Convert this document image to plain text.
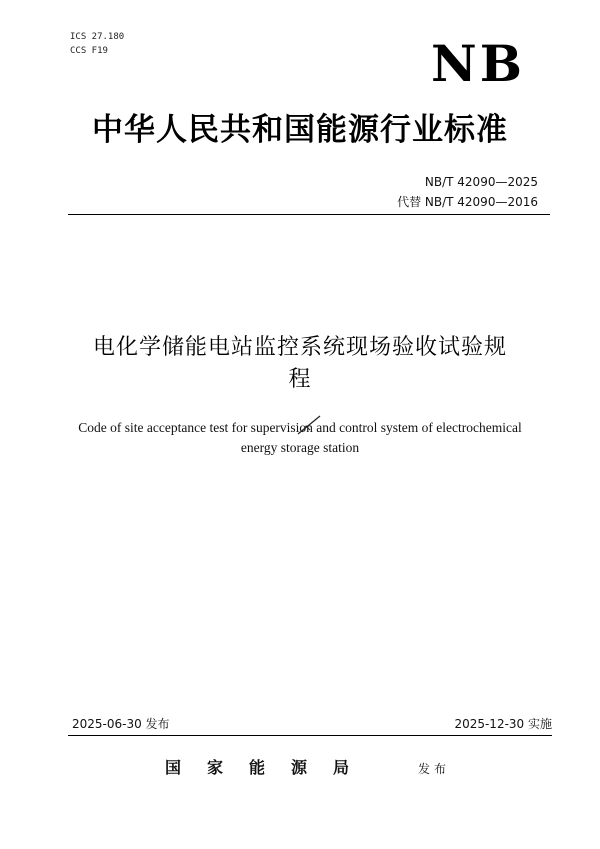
ICS 27.180
CCS F19	NB
中华人民共和国能源行业标准
NB/T 42090—2025
代替 NB/T 42090—2016
电化学储能电站监控系统现场验收试验规
程
Code of site acceptance test for supervision and control system of electrochemical
energy storage station
2025-06-30 发布	2025-12-30 实施
国家能源局	发布
